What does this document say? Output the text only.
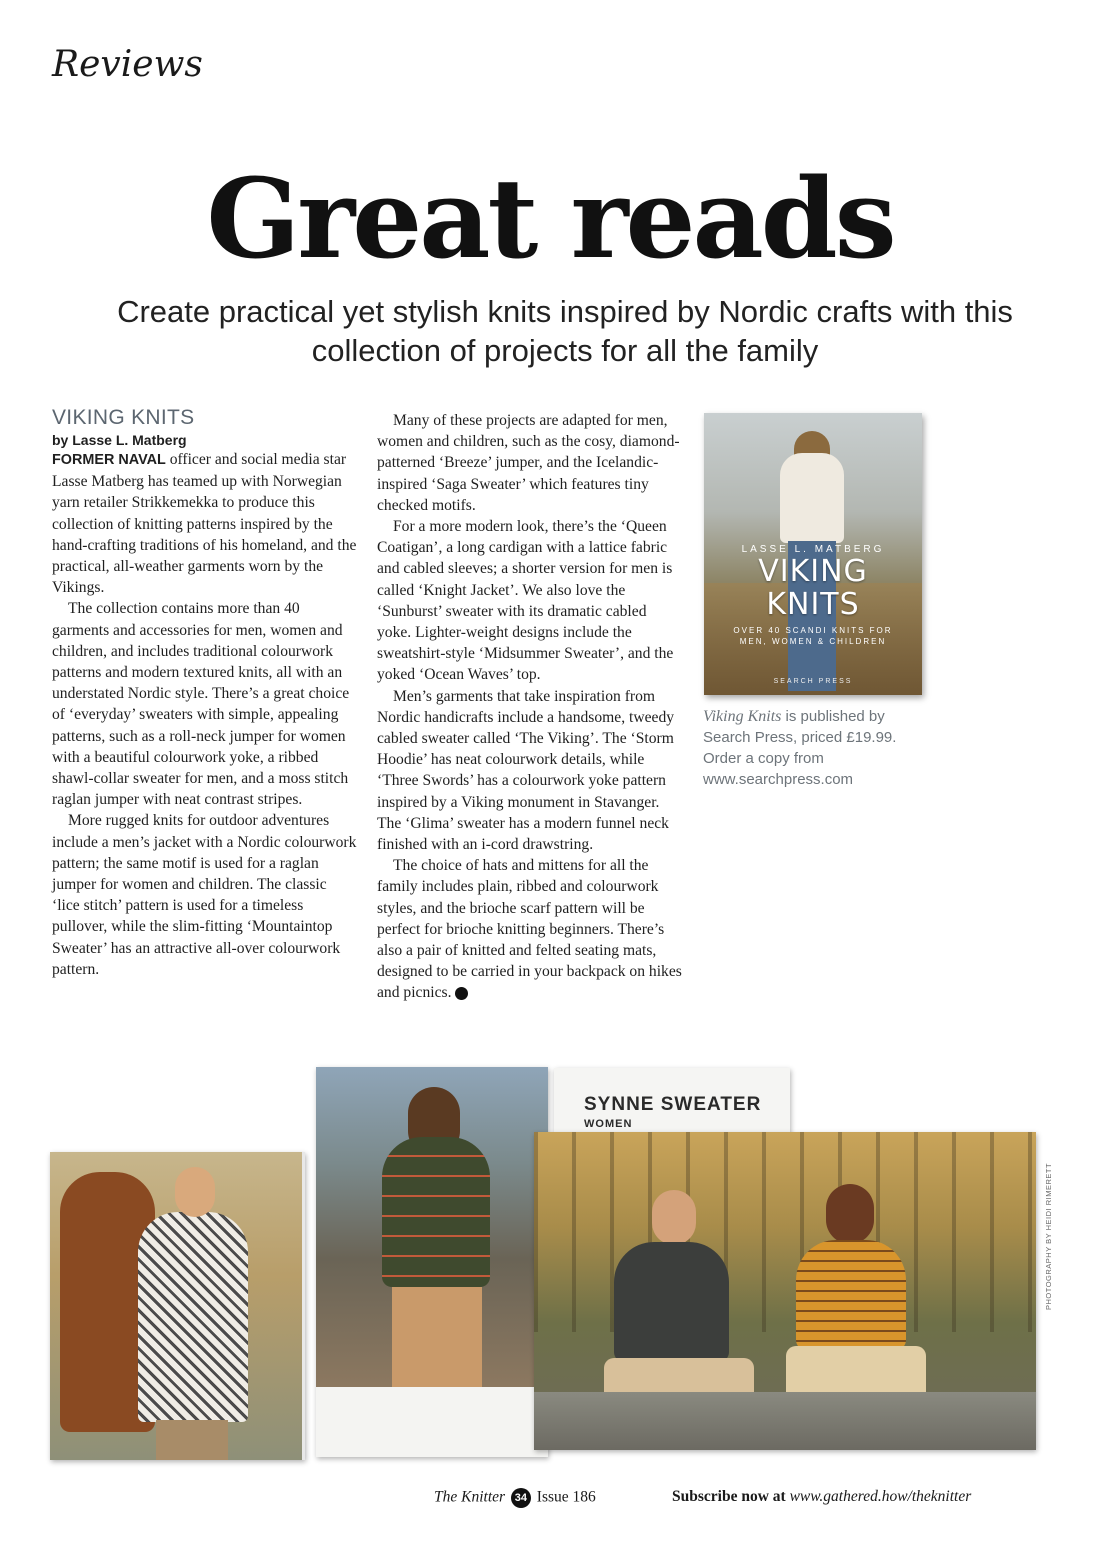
Reviews
Great reads
Create practical yet stylish knits inspired by Nordic crafts with this collection of projects for all the family

VIKING KNITS

by Lasse L. Matberg

FORMER NAVAL officer and social media star Lasse Matberg has teamed up with Norwegian yarn retailer Strikkemekka to produce this collection of knitting patterns inspired by the hand-crafting traditions of his homeland, and the practical, all-weather garments worn by the Vikings.

The collection contains more than 40 garments and accessories for men, women and children, and includes traditional colourwork patterns and modern textured knits, all with an understated Nordic style. There’s a great choice of ‘everyday’ sweaters with simple, appealing patterns, such as a roll-neck jumper for women with a beautiful colourwork yoke, a ribbed shawl-collar sweater for men, and a moss stitch raglan jumper with neat contrast stripes.

More rugged knits for outdoor adventures include a men’s jacket with a Nordic colourwork pattern; the same motif is used for a raglan jumper for women and children. The classic ‘lice stitch’ pattern is used for a timeless pullover, while the slim-fitting ‘Mountaintop Sweater’ has an attractive all-over colourwork pattern.

Many of these projects are adapted for men, women and children, such as the cosy, diamond-patterned ‘Breeze’ jumper, and the Icelandic-inspired ‘Saga Sweater’ which features tiny checked motifs.

For a more modern look, there’s the ‘Queen Coatigan’, a long cardigan with a lattice fabric and cabled sleeves; a shorter version for men is called ‘Knight Jacket’. We also love the ‘Sunburst’ sweater with its dramatic cabled yoke. Lighter-weight designs include the sweatshirt-style ‘Midsummer Sweater’, and the yoked ‘Ocean Waves’ top.

Men’s garments that take inspiration from Nordic handicrafts include a handsome, tweedy cabled sweater called ‘The Viking’. The ‘Storm Hoodie’ has neat colourwork details, while ‘Three Swords’ has a colourwork yoke pattern inspired by a Viking monument in Stavanger. The ‘Glima’ sweater has a modern funnel neck finished with an i-cord drawstring.

The choice of hats and mittens for all the family includes plain, ribbed and colourwork styles, and the brioche scarf pattern will be perfect for brioche knitting beginners. There’s also a pair of knitted and felted seating mats, designed to be carried in your backpack on hikes and picnics. ⊕

LASSE L. MATBERG
VIKING
KNITS
OVER 40 SCANDI KNITS FOR
MEN, WOMEN & CHILDREN
SEARCH PRESS
Viking Knits is published by Search Press, priced £19.99. Order a copy from www.searchpress.com
SYNNE SWEATER
WOMEN
PHOTOGRAPHY BY HEIDI RIMERETT
The Knitter 34 Issue 186	Subscribe now at www.gathered.how/theknitter
